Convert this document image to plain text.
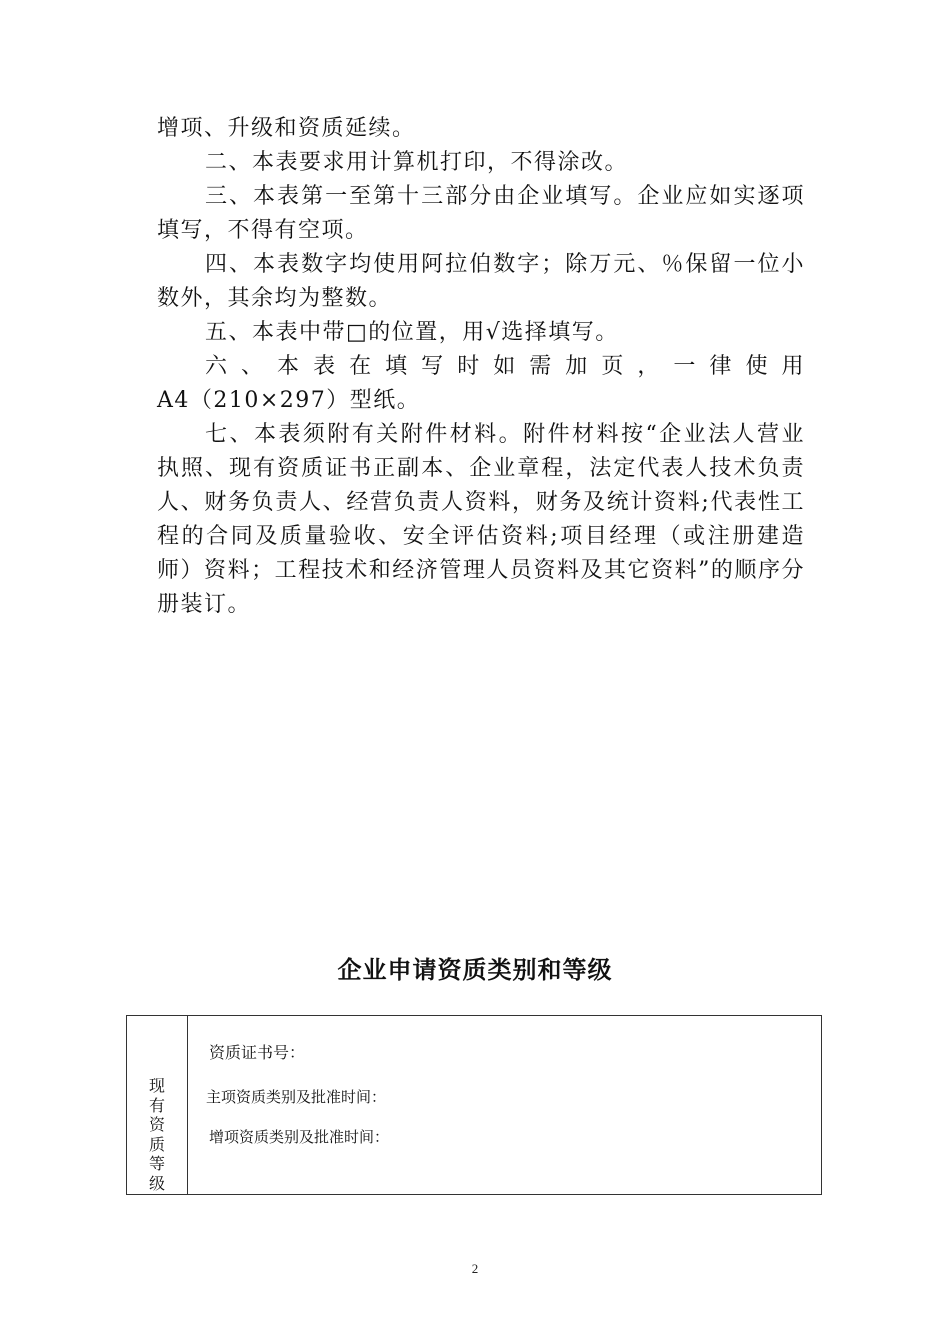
增项、升级和资质延续。

二、本表要求用计算机打印，不得涂改。

三、本表第一至第十三部分由企业填写。企业应如实逐项填写，不得有空项。

四、本表数字均使用阿拉伯数字；除万元、％保留一位小数外，其余均为整数。

五、本表中带□的位置，用√选择填写。

六、本表在填写时如需加页，一律使用

A4（210×297）型纸。

七、本表须附有关附件材料。附件材料按“企业法人营业执照、现有资质证书正副本、企业章程，法定代表人技术负责人、财务负责人、经营负责人资料，财务及统计资料;代表性工程的合同及质量验收、安全评估资料;项目经理（或注册建造师）资料；工程技术和经济管理人员资料及其它资料”的顺序分册装订。

企业申请资质类别和等级
现
有
资
质
等
级
资质证书号：
主项资质类别及批准时间：
增项资质类别及批准时间：
2
